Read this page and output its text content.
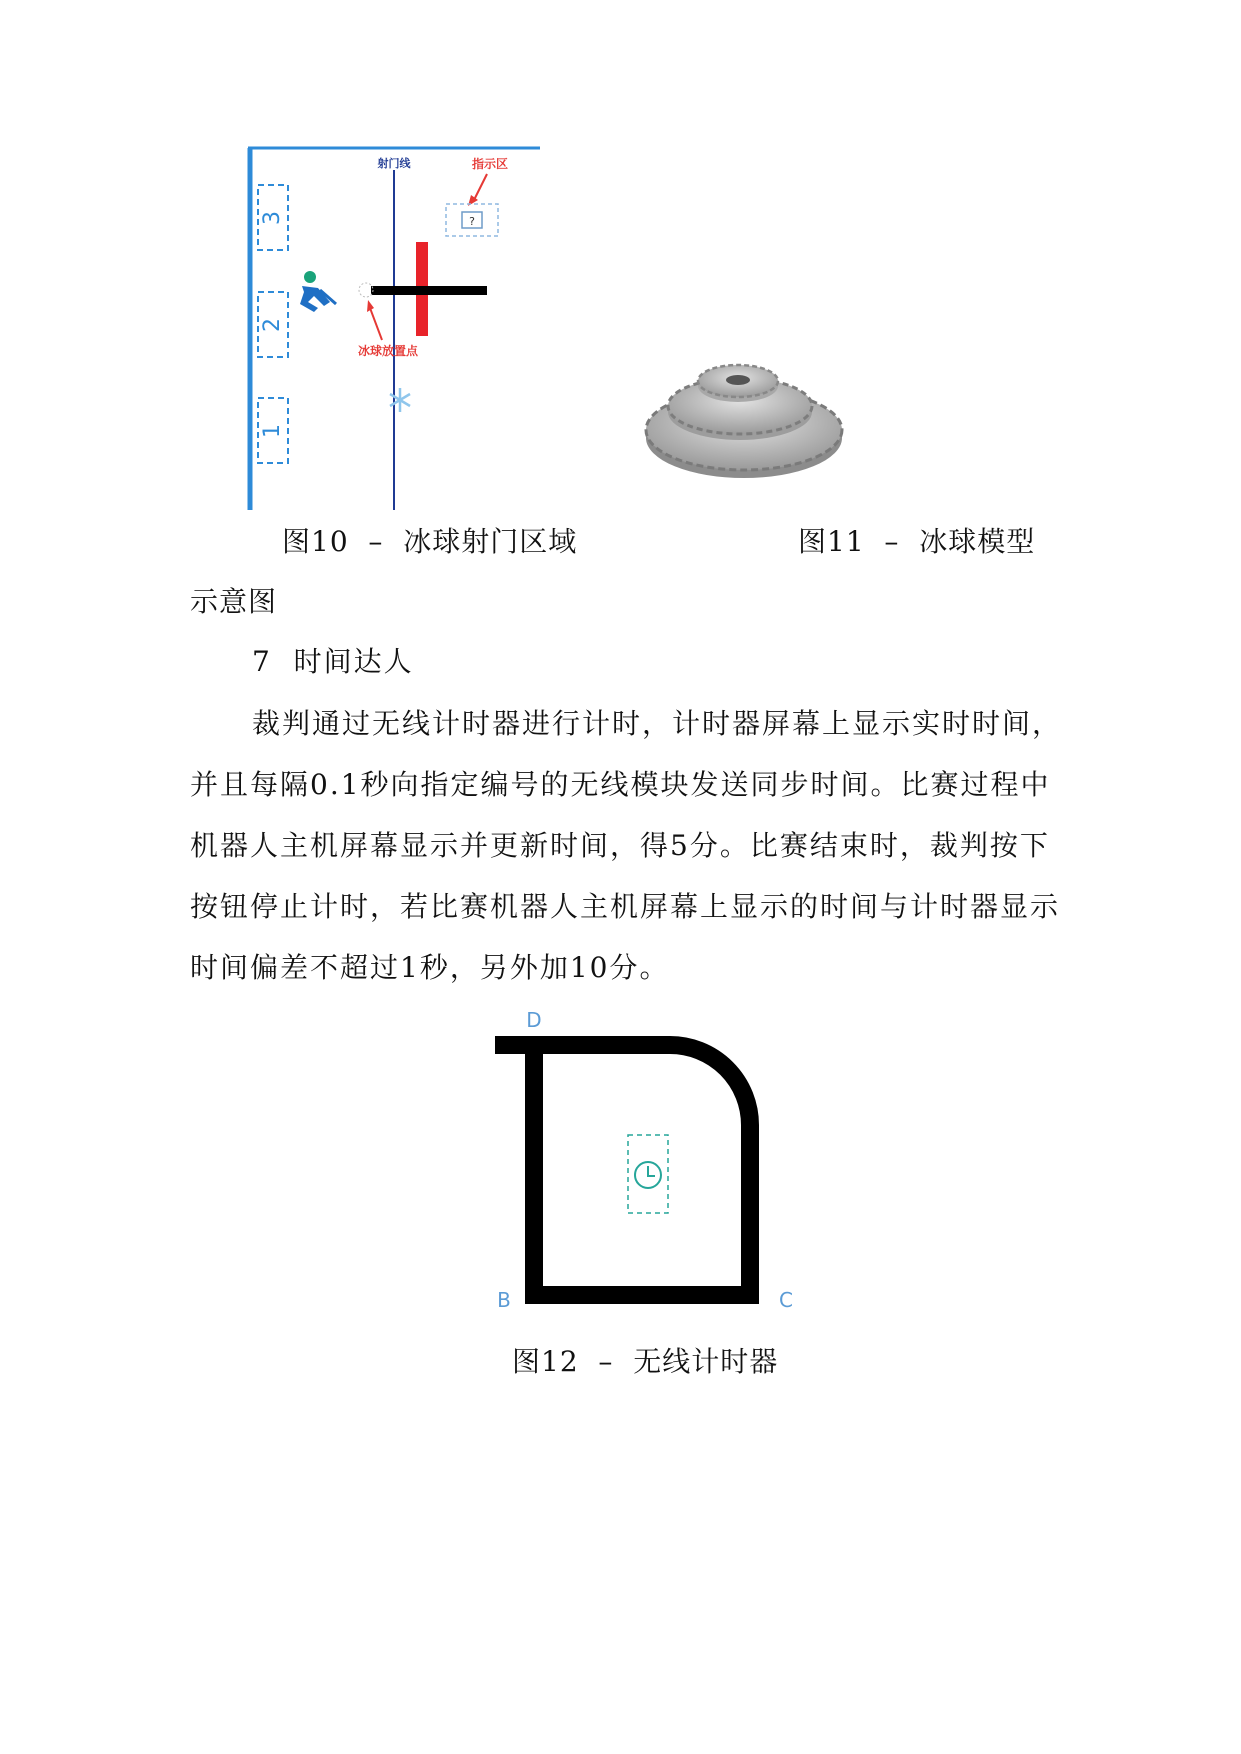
3
2
1
射门线	指示区
?
冰球放置点
图10  –  冰球射门区域	图11  –  冰球模型
示意图
7  时间达人

裁判通过无线计时器进行计时，计时器屏幕上显示实时时间，并且每隔0.1秒向指定编号的无线模块发送同步时间。比赛过程中机器人主机屏幕显示并更新时间，得5分。比赛结束时，裁判按下按钮停止计时，若比赛机器人主机屏幕上显示的时间与计时器显示时间偏差不超过1秒，另外加10分。

D
B	C
图12  –  无线计时器
